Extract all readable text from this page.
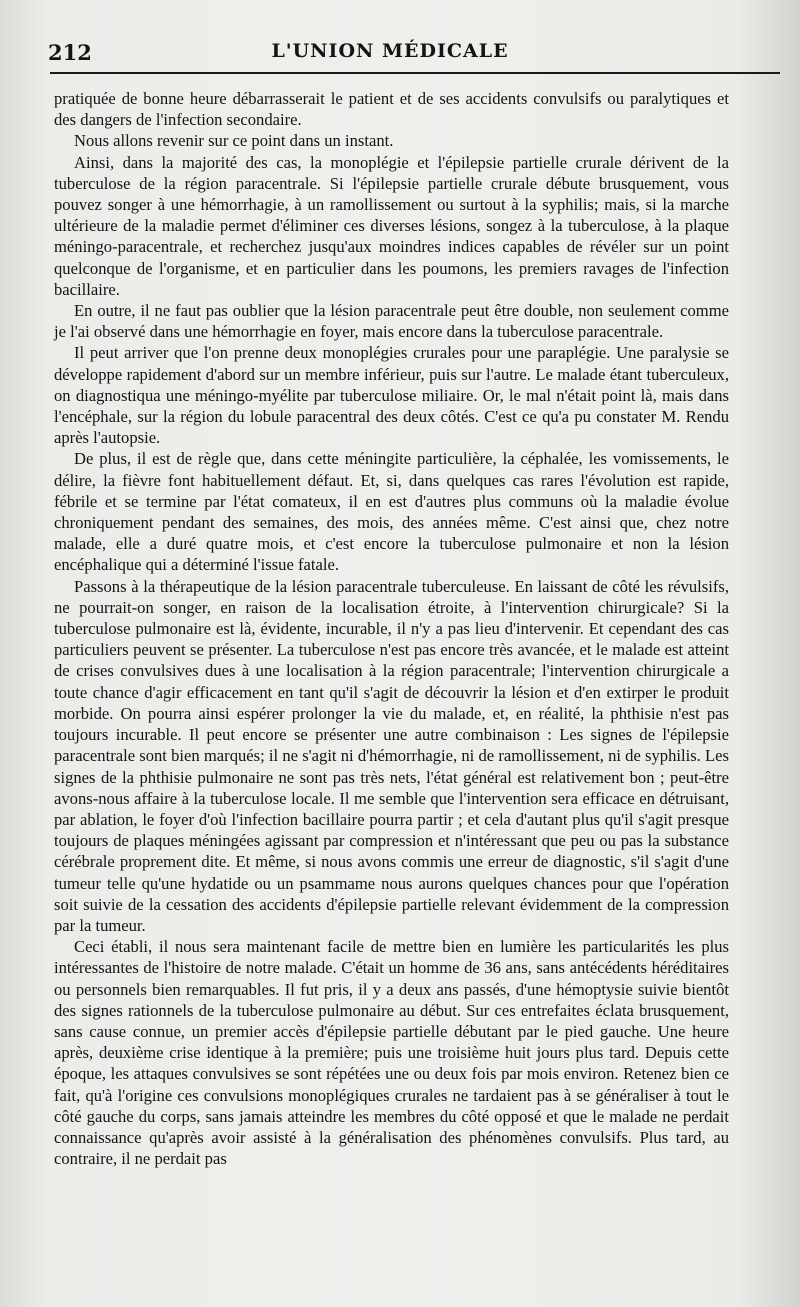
212	L'UNION MÉDICALE

pratiquée de bonne heure débarrasserait le patient et de ses accidents convulsifs ou paralytiques et des dangers de l'infection secondaire.

Nous allons revenir sur ce point dans un instant.

Ainsi, dans la majorité des cas, la monoplégie et l'épilepsie partielle crurale dérivent de la tuberculose de la région paracentrale. Si l'épilepsie partielle crurale débute brusquement, vous pouvez songer à une hémorrhagie, à un ramollissement ou surtout à la syphilis; mais, si la marche ultérieure de la maladie permet d'éliminer ces diverses lésions, songez à la tuberculose, à la plaque méningo-paracentrale, et recherchez jusqu'aux moindres indices capables de révéler sur un point quelconque de l'organisme, et en particulier dans les poumons, les premiers ravages de l'infection bacillaire.

En outre, il ne faut pas oublier que la lésion paracentrale peut être double, non seulement comme je l'ai observé dans une hémorrhagie en foyer, mais encore dans la tuberculose paracentrale.

Il peut arriver que l'on prenne deux monoplégies crurales pour une paraplégie. Une paralysie se développe rapidement d'abord sur un membre inférieur, puis sur l'autre. Le malade étant tuberculeux, on diagnostiqua une méningo-myélite par tuberculose miliaire. Or, le mal n'était point là, mais dans l'encéphale, sur la région du lobule paracentral des deux côtés. C'est ce qu'a pu constater M. Rendu après l'autopsie.

De plus, il est de règle que, dans cette méningite particulière, la céphalée, les vomissements, le délire, la fièvre font habituellement défaut. Et, si, dans quelques cas rares l'évolution est rapide, fébrile et se termine par l'état comateux, il en est d'autres plus communs où la maladie évolue chroniquement pendant des semaines, des mois, des années même. C'est ainsi que, chez notre malade, elle a duré quatre mois, et c'est encore la tuberculose pulmonaire et non la lésion encéphalique qui a déterminé l'issue fatale.

Passons à la thérapeutique de la lésion paracentrale tuberculeuse. En laissant de côté les révulsifs, ne pourrait-on songer, en raison de la localisation étroite, à l'intervention chirurgicale? Si la tuberculose pulmonaire est là, évidente, incurable, il n'y a pas lieu d'intervenir. Et cependant des cas particuliers peuvent se présenter. La tuberculose n'est pas encore très avancée, et le malade est atteint de crises convulsives dues à une localisation à la région paracentrale; l'intervention chirurgicale a toute chance d'agir efficacement en tant qu'il s'agit de découvrir la lésion et d'en extirper le produit morbide. On pourra ainsi espérer prolonger la vie du malade, et, en réalité, la phthisie n'est pas toujours incurable. Il peut encore se présenter une autre combinaison : Les signes de l'épilepsie paracentrale sont bien marqués; il ne s'agit ni d'hémorrhagie, ni de ramollissement, ni de syphilis. Les signes de la phthisie pulmonaire ne sont pas très nets, l'état général est relativement bon ; peut-être avons-nous affaire à la tuberculose locale. Il me semble que l'intervention sera efficace en détruisant, par ablation, le foyer d'où l'infection bacillaire pourra partir ; et cela d'autant plus qu'il s'agit presque toujours de plaques méningées agissant par compression et n'intéressant que peu ou pas la substance cérébrale proprement dite. Et même, si nous avons commis une erreur de diagnostic, s'il s'agit d'une tumeur telle qu'une hydatide ou un psammame nous aurons quelques chances pour que l'opération soit suivie de la cessation des accidents d'épilepsie partielle relevant évidemment de la compression par la tumeur.

Ceci établi, il nous sera maintenant facile de mettre bien en lumière les particularités les plus intéressantes de l'histoire de notre malade. C'était un homme de 36 ans, sans antécédents héréditaires ou personnels bien remarquables. Il fut pris, il y a deux ans passés, d'une hémoptysie suivie bientôt des signes rationnels de la tuberculose pulmonaire au début. Sur ces entrefaites éclata brusquement, sans cause connue, un premier accès d'épilepsie partielle débutant par le pied gauche. Une heure après, deuxième crise identique à la première; puis une troisième huit jours plus tard. Depuis cette époque, les attaques convulsives se sont répétées une ou deux fois par mois environ. Retenez bien ce fait, qu'à l'origine ces convulsions monoplégiques crurales ne tardaient pas à se généraliser à tout le côté gauche du corps, sans jamais atteindre les membres du côté opposé et que le malade ne perdait connaissance qu'après avoir assisté à la généralisation des phénomènes convulsifs. Plus tard, au contraire, il ne perdait pas
